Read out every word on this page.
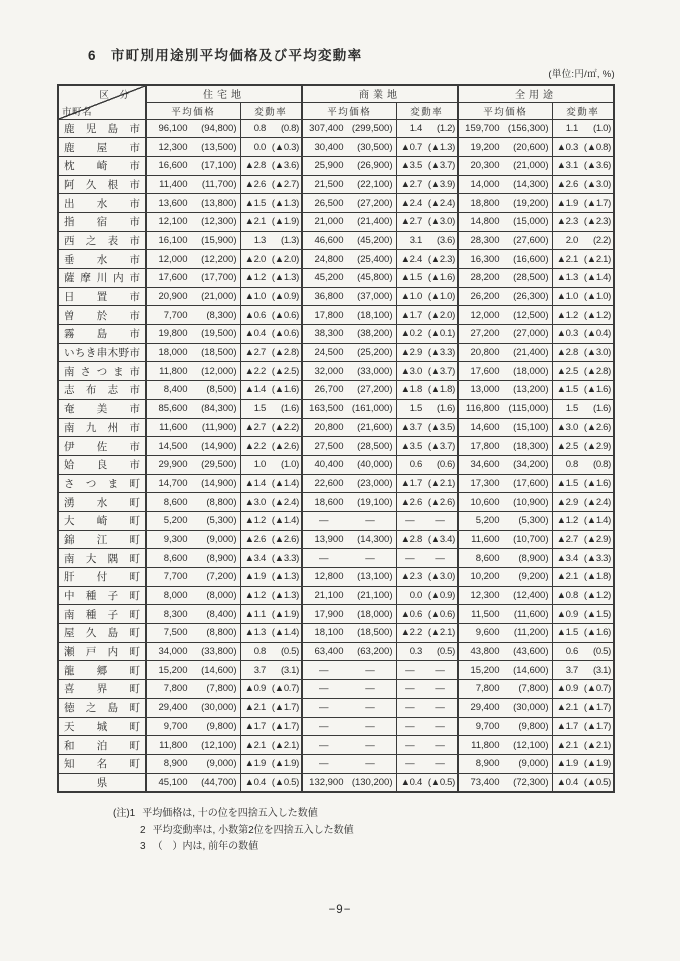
6 市町別用途別平均価格及び平均変動率
(単位:円/㎡, %)
区 分
市町名	住宅地		商業地		全用途	
	平均価格	変動率	平均価格	変動率	平均価格	変動率

鹿児島市	96,100 (94,800)	0.8 (0.8)	307,400 (299,500)	1.4 (1.2)	159,700 (156,300)	1.1 (1.0)

鹿屋市	12,300 (13,500)	0.0 (▲0.3)	30,400 (30,500)	▲0.7 (▲1.3)	19,200 (20,600)	▲0.3 (▲0.8)

枕崎市	16,600 (17,100)	▲2.8 (▲3.6)	25,900 (26,900)	▲3.5 (▲3.7)	20,300 (21,000)	▲3.1 (▲3.6)

阿久根市	11,400 (11,700)	▲2.6 (▲2.7)	21,500 (22,100)	▲2.7 (▲3.9)	14,000 (14,300)	▲2.6 (▲3.0)

出水市	13,600 (13,800)	▲1.5 (▲1.3)	26,500 (27,200)	▲2.4 (▲2.4)	18,800 (19,200)	▲1.9 (▲1.7)

指宿市	12,100 (12,300)	▲2.1 (▲1.9)	21,000 (21,400)	▲2.7 (▲3.0)	14,800 (15,000)	▲2.3 (▲2.3)

西之表市	16,100 (15,900)	1.3 (1.3)	46,600 (45,200)	3.1 (3.6)	28,300 (27,600)	2.0 (2.2)

垂水市	12,000 (12,200)	▲2.0 (▲2.0)	24,800 (25,400)	▲2.4 (▲2.3)	16,300 (16,600)	▲2.1 (▲2.1)

薩摩川内市	17,600 (17,700)	▲1.2 (▲1.3)	45,200 (45,800)	▲1.5 (▲1.6)	28,200 (28,500)	▲1.3 (▲1.4)

日置市	20,900 (21,000)	▲1.0 (▲0.9)	36,800 (37,000)	▲1.0 (▲1.0)	26,200 (26,300)	▲1.0 (▲1.0)

曽於市	7,700 (8,300)	▲0.6 (▲0.6)	17,800 (18,100)	▲1.7 (▲2.0)	12,000 (12,500)	▲1.2 (▲1.2)

霧島市	19,800 (19,500)	▲0.4 (▲0.6)	38,300 (38,200)	▲0.2 (▲0.1)	27,200 (27,000)	▲0.3 (▲0.4)

いちき串木野市	18,000 (18,500)	▲2.7 (▲2.8)	24,500 (25,200)	▲2.9 (▲3.3)	20,800 (21,400)	▲2.8 (▲3.0)

南さつま市	11,800 (12,000)	▲2.2 (▲2.5)	32,000 (33,000)	▲3.0 (▲3.7)	17,600 (18,000)	▲2.5 (▲2.8)

志布志市	8,400 (8,500)	▲1.4 (▲1.6)	26,700 (27,200)	▲1.8 (▲1.8)	13,000 (13,200)	▲1.5 (▲1.6)

奄美市	85,600 (84,300)	1.5 (1.6)	163,500 (161,000)	1.5 (1.6)	116,800 (115,000)	1.5 (1.6)

南九州市	11,600 (11,900)	▲2.7 (▲2.2)	20,800 (21,600)	▲3.7 (▲3.5)	14,600 (15,100)	▲3.0 (▲2.6)

伊佐市	14,500 (14,900)	▲2.2 (▲2.6)	27,500 (28,500)	▲3.5 (▲3.7)	17,800 (18,300)	▲2.5 (▲2.9)

姶良市	29,900 (29,500)	1.0 (1.0)	40,400 (40,000)	0.6 (0.6)	34,600 (34,200)	0.8 (0.8)

さつま町	14,700 (14,900)	▲1.4 (▲1.4)	22,600 (23,000)	▲1.7 (▲2.1)	17,300 (17,600)	▲1.5 (▲1.6)

湧水町	8,600 (8,800)	▲3.0 (▲2.4)	18,600 (19,100)	▲2.6 (▲2.6)	10,600 (10,900)	▲2.9 (▲2.4)

大崎町	5,200 (5,300)	▲1.2 (▲1.4)	— —	— —	5,200 (5,300)	▲1.2 (▲1.4)

錦江町	9,300 (9,000)	▲2.6 (▲2.6)	13,900 (14,300)	▲2.8 (▲3.4)	11,600 (10,700)	▲2.7 (▲2.9)

南大隅町	8,600 (8,900)	▲3.4 (▲3.3)	— —	— —	8,600 (8,900)	▲3.4 (▲3.3)

肝付町	7,700 (7,200)	▲1.9 (▲1.3)	12,800 (13,100)	▲2.3 (▲3.0)	10,200 (9,200)	▲2.1 (▲1.8)

中種子町	8,000 (8,000)	▲1.2 (▲1.3)	21,100 (21,100)	0.0 (▲0.9)	12,300 (12,400)	▲0.8 (▲1.2)

南種子町	8,300 (8,400)	▲1.1 (▲1.9)	17,900 (18,000)	▲0.6 (▲0.6)	11,500 (11,600)	▲0.9 (▲1.5)

屋久島町	7,500 (8,800)	▲1.3 (▲1.4)	18,100 (18,500)	▲2.2 (▲2.1)	9,600 (11,200)	▲1.5 (▲1.6)

瀬戸内町	34,000 (33,800)	0.8 (0.5)	63,400 (63,200)	0.3 (0.5)	43,800 (43,600)	0.6 (0.5)

龍郷町	15,200 (14,600)	3.7 (3.1)	— —	— —	15,200 (14,600)	3.7 (3.1)

喜界町	7,800 (7,800)	▲0.9 (▲0.7)	— —	— —	7,800 (7,800)	▲0.9 (▲0.7)

徳之島町	29,400 (30,000)	▲2.1 (▲1.7)	— —	— —	29,400 (30,000)	▲2.1 (▲1.7)

天城町	9,700 (9,800)	▲1.7 (▲1.7)	— —	— —	9,700 (9,800)	▲1.7 (▲1.7)

和泊町	11,800 (12,100)	▲2.1 (▲2.1)	— —	— —	11,800 (12,100)	▲2.1 (▲2.1)

知名町	8,900 (9,000)	▲1.9 (▲1.9)	— —	— —	8,900 (9,000)	▲1.9 (▲1.9)

県	45,100 (44,700)	▲0.4 (▲0.5)	132,900 (130,200)	▲0.4 (▲0.5)	73,400 (72,300)	▲0.4 (▲0.5)
(注)1 平均価格は, 十の位を四捨五入した数値
2 平均変動率は, 小数第2位を四捨五入した数値
3 （　）内は, 前年の数値
−9−
